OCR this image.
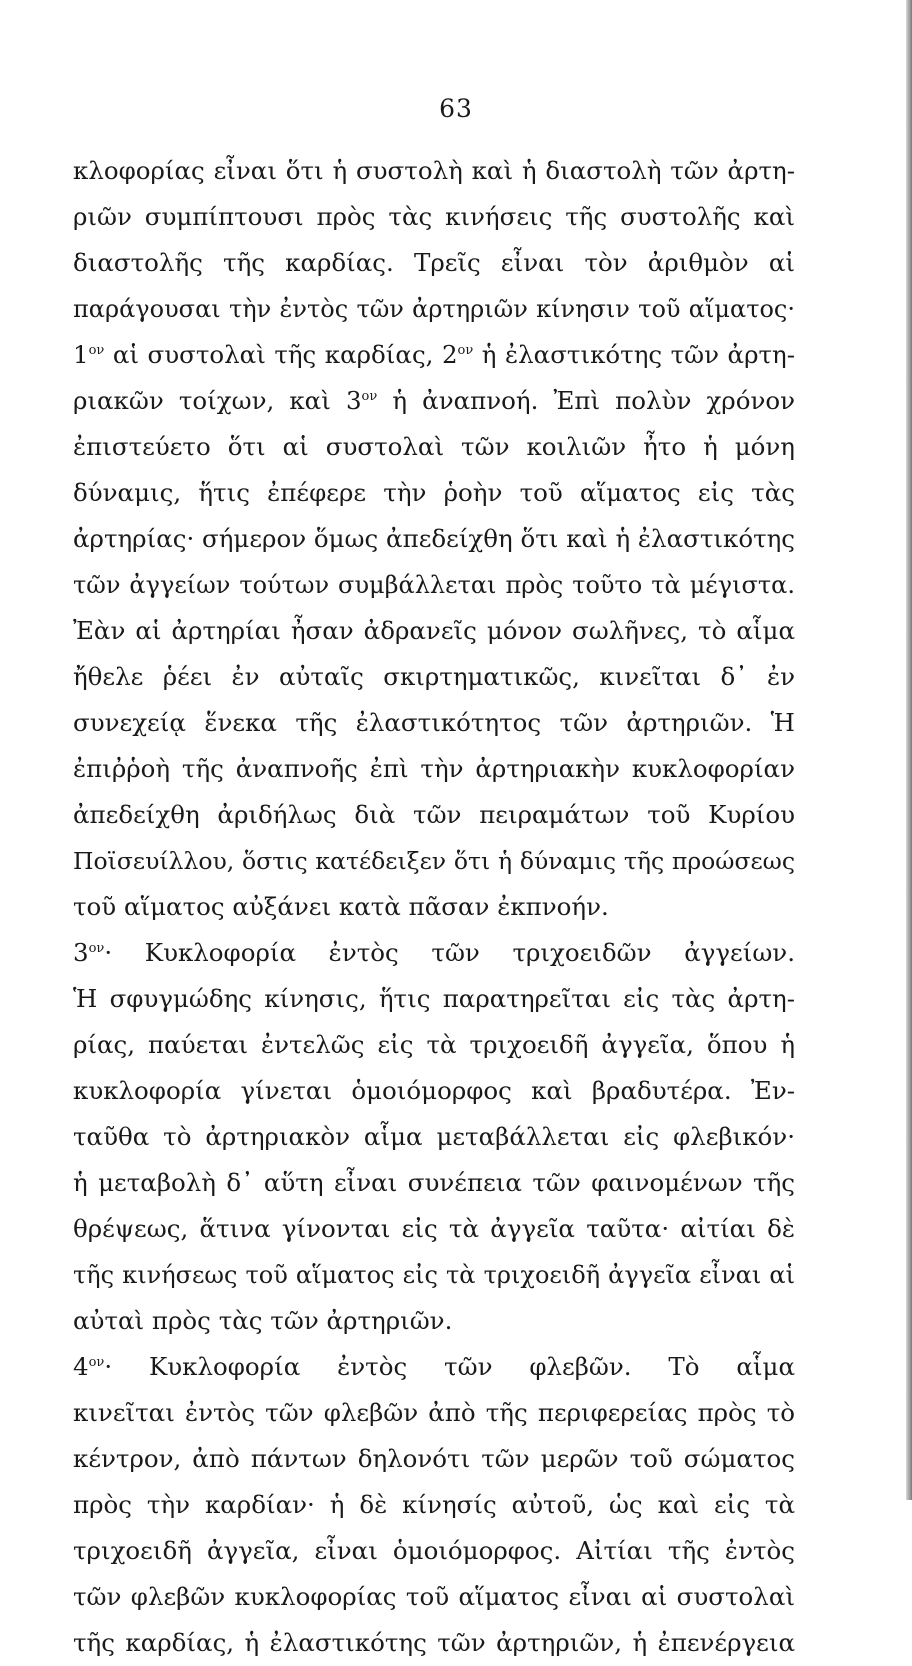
63
κλοφορίας εἶναι ὅτι ἡ συστολὴ καὶ ἡ διαστολὴ τῶν ἀρτη-
ριῶν συμπίπτουσι πρὸς τὰς κινήσεις τῆς συστολῆς καὶ
διαστολῆς τῆς καρδίας. Τρεῖς εἶναι τὸν ἀριθμὸν αἱ
παράγουσαι τὴν ἐντὸς τῶν ἀρτηριῶν κίνησιν τοῦ αἵματος·
$1^{o\nu}$ αἱ συστολαὶ τῆς καρδίας, $2^{o\nu}$ ἡ ἐλαστικότης τῶν ἀρτη-
ριακῶν τοίχων, καὶ $3^{o\nu}$ ἡ ἀναπνοή. Ἐπὶ πολὺν χρόνον
ἐπιστεύετο ὅτι αἱ συστολαὶ τῶν κοιλιῶν ἦτο ἡ μόνη
δύναμις, ἥτις ἐπέφερε τὴν ῥοὴν τοῦ αἵματος εἰς τὰς
ἀρτηρίας· σήμερον ὅμως ἀπεδείχθη ὅτι καὶ ἡ ἐλαστικότης
τῶν ἀγγείων τούτων συμβάλλεται πρὸς τοῦτο τὰ μέγιστα.
Ἐὰν αἱ ἀρτηρίαι ἦσαν ἀδρανεῖς μόνον σωλῆνες, τὸ αἷμα
ἤθελε ῥέει ἐν αὐταῖς σκιρτηματικῶς, κινεῖται δ᾽ ἐν
συνεχείᾳ ἕνεκα τῆς ἐλαστικότητος τῶν ἀρτηριῶν. Ἡ
ἐπιῤῥοὴ τῆς ἀναπνοῆς ἐπὶ τὴν ἀρτηριακὴν κυκλοφορίαν
ἀπεδείχθη ἀριδήλως διὰ τῶν πειραμάτων τοῦ Κυρίου
Ποϊσευίλλου, ὅστις κατέδειξεν ὅτι ἡ δύναμις τῆς προώσεως
τοῦ αἵματος αὐξάνει κατὰ πᾶσαν ἐκπνοήν.
$3^{o\nu}\cdot K\upsilon\kappa\lambda o\varphi o\rho ί\alpha$ ἐντὸς τῶν τριχοειδῶν ἀγγείων.
Ἡ σφυγμώδης κίνησις, ἥτις παρατηρεῖται εἰς τὰς ἀρτη-
ρίας, παύεται ἐντελῶς εἰς τὰ τριχοειδῆ ἀγγεῖα, ὅπου ἡ
κυκλοφορία γίνεται ὁμοιόμορφος καὶ βραδυτέρα. Ἐν-
ταῦθα τὸ ἀρτηριακὸν αἷμα μεταβάλλεται εἰς φλεβικόν·
ἡ μεταβολὴ δ᾽ αὕτη εἶναι συνέπεια τῶν φαινομένων τῆς
θρέψεως, ἅτινα γίνονται εἰς τὰ ἀγγεῖα ταῦτα· αἰτίαι δὲ
τῆς κινήσεως τοῦ αἵματος εἰς τὰ τριχοειδῆ ἀγγεῖα εἶναι αἱ
αὐταὶ πρὸς τὰς τῶν ἀρτηριῶν.
$4^{o\nu}\cdot K\upsilon\kappa\lambda o\varphi o\rho ί\alpha$ ἐντὸς τῶν φλεβῶν. Τὸ αἷμα
κινεῖται ἐντὸς τῶν φλεβῶν ἀπὸ τῆς περιφερείας πρὸς τὸ
κέντρον, ἀπὸ πάντων δηλονότι τῶν μερῶν τοῦ σώματος
πρὸς τὴν καρδίαν· ἡ δὲ κίνησίς αὐτοῦ, ὡς καὶ εἰς τὰ
τριχοειδῆ ἀγγεῖα, εἶναι ὁμοιόμορφος. Αἰτίαι τῆς ἐντὸς
τῶν φλεβῶν κυκλοφορίας τοῦ αἵματος εἶναι αἱ συστολαὶ
τῆς καρδίας, ἡ ἐλαστικότης τῶν ἀρτηριῶν, ἡ ἐπενέργεια
